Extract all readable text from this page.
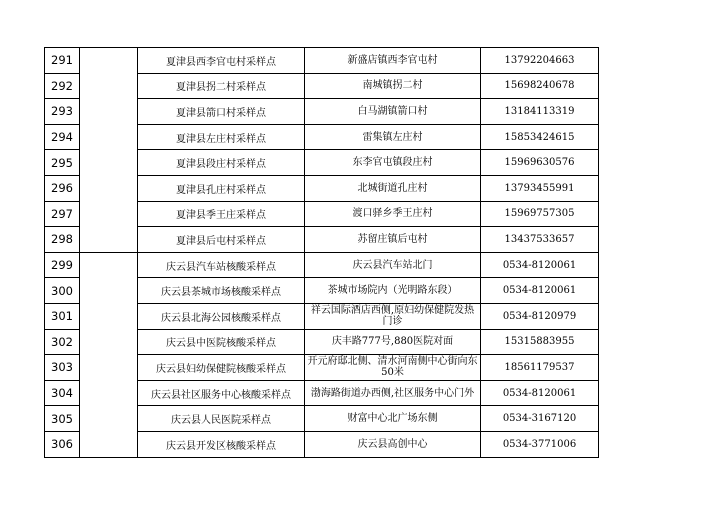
291		夏津县西李官屯村采样点	新盛店镇西李官屯村	13792204663

292		夏津县拐二村采样点	南城镇拐二村	15698240678

293		夏津县箭口村采样点	白马湖镇箭口村	13184113319

294		夏津县左庄村采样点	雷集镇左庄村	15853424615

295		夏津县段庄村采样点	东李官屯镇段庄村	15969630576

296		夏津县孔庄村采样点	北城街道孔庄村	13793455991

297		夏津县季王庄采样点	渡口驿乡季王庄村	15969757305

298		夏津县后屯村采样点	苏留庄镇后屯村	13437533657

299		庆云县汽车站核酸采样点	庆云县汽车站北门	0534-8120061

300		庆云县茶城市场核酸采样点	茶城市场院内（光明路东段）	0534-8120061

301		庆云县北海公园核酸采样点	祥云国际酒店西侧,原妇幼保健院发热门诊	0534-8120979

302		庆云县中医院核酸采样点	庆丰路777号,880医院对面	15315883955

303		庆云县妇幼保健院核酸采样点	开元府邸北侧、清水河南侧中心街向东50米	18561179537

304		庆云县社区服务中心核酸采样点	渤海路街道办西侧,社区服务中心门外	0534-8120061

305		庆云县人民医院采样点	财富中心北广场东侧	0534-3167120

306		庆云县开发区核酸采样点	庆云县高创中心	0534-3771006
